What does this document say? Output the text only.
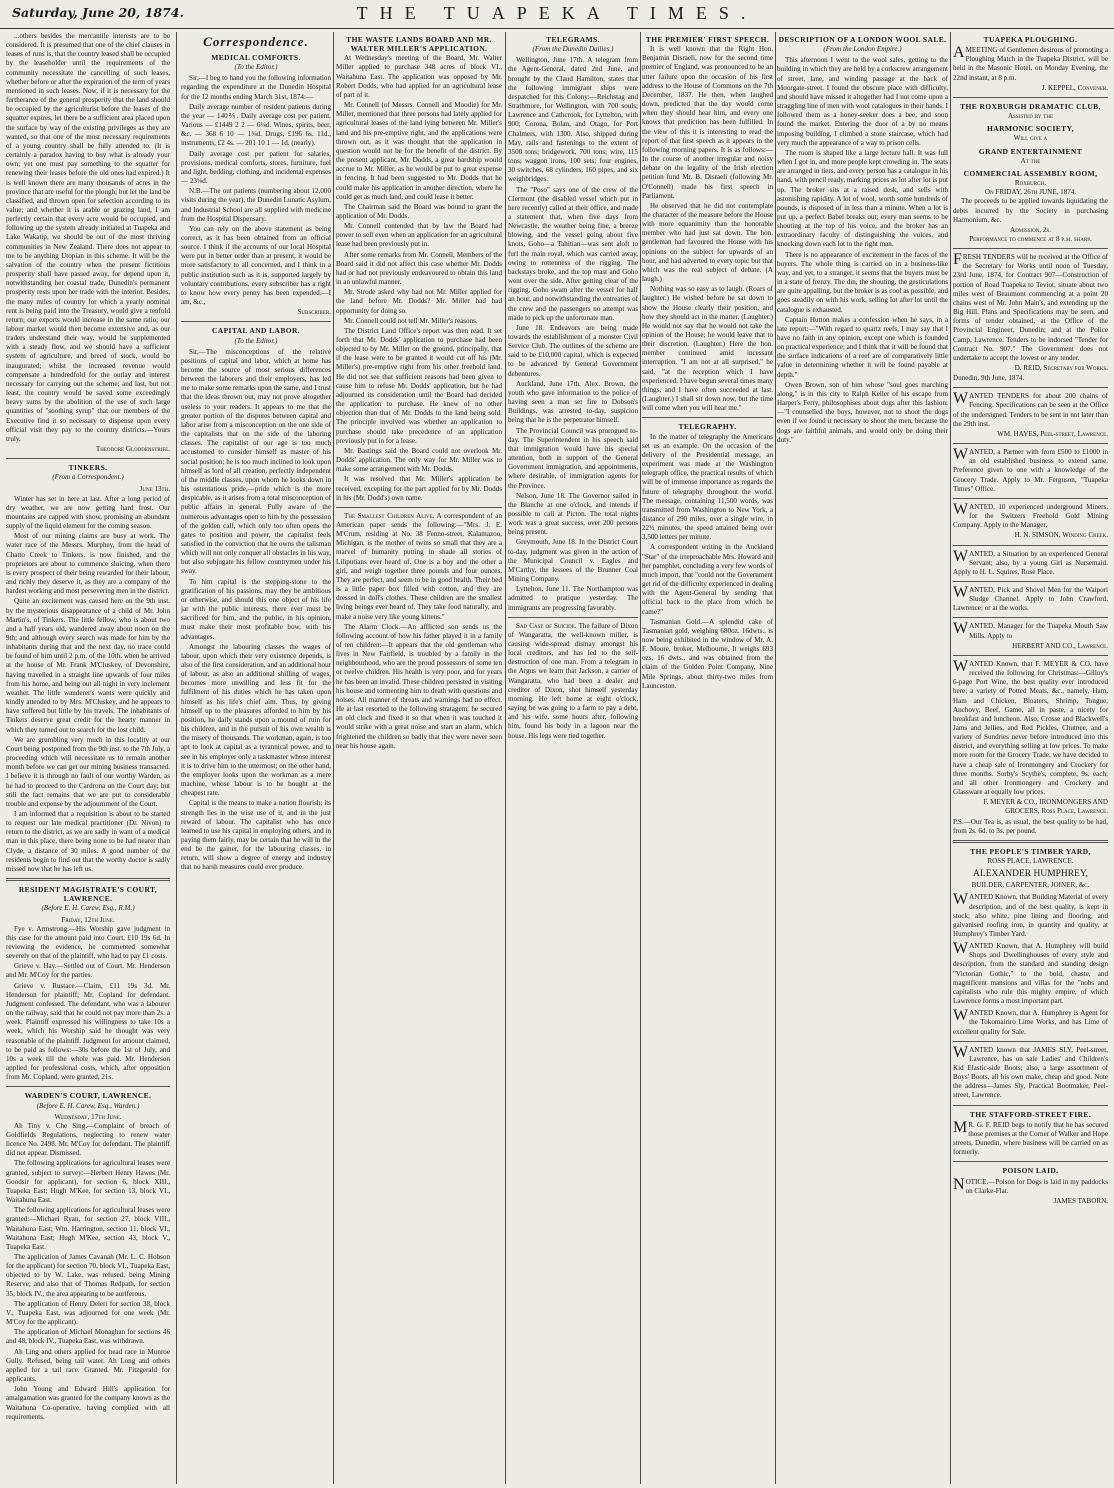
Saturday, June 20, 1874.	THE TUAPEKA TIMES.

...others besides the mercantile interests are to be considered. It is presumed that one of the chief clauses in leases of runs is, that the country leased shall be occupied by the leaseholder until the requirements of the community necessitate the cancelling of such leases, whether before or after the expiration of the term of years mentioned in such leases. Now, if it is necessary for the furtherance of the general prosperity that the land should be occupied by the agriculturist before the leases of the squatter expires, let there be a sufficient area placed upon the surface by way of the existing privileges as they are wanted, so that one of the most necessary requirements of a young country shall be fully attended to. (It is certainly a paradox having to buy what is already your own; yet one must pay something to the squatter for renewing their leases before the old ones had expired.) It is well known there are many thousands of acres in the province that are useful for the plough; but let the land be classified, and thrown open for selection according to its value; and whether it is arable or grazing land, I am perfectly certain that every acre would be occupied, and following up the system already initiated at Tuapeka and Lake Wakatip, we should be out of the most thriving communities in New Zealand. There does not appear to me to be anything Utopian in this scheme. It will be the salvation of the country when the present fictitious prosperity shall have passed away, for depend upon it, notwithstanding her coastal trade, Dunedin's permanent prosperity rests upon her trade with the interior. Besides, the many miles of country for which a yearly nominal rent is being paid into the Treasury, would give a tenfold return; our exports would increase in the same ratio; our labour market would then become extensive and, as our traders understand their way, would be supplemented with a steady flow, and we should have a sufficient system of agriculture, and breed of stock, would be inaugurated; whilst the increased revenue would compensate a hundredfold for the outlay and interest necessary for carrying out the scheme; and last, but not least, the country would be saved some exceedingly heavy sums by the abolition of the use of such large quantities of "soothing syrup" that our members of the Executive find it so necessary to dispense upon every official visit they pay to the country districts.—Yours truly,

Theodore Gloddenstrife.

TINKERS.
(From a Correspondent.)

June 13th.

Winter has set in here at last. After a long period of dry weather, we are now getting hard frost. Our mountains are capped with snow, promising an abundant supply of the liquid element for the coming season.

Most of our mining claims are busy at work. The water race of the Messrs. Murphey, from the head of Chatto Creek to Tinkers, is now finished, and the proprietors are about to commence sluicing, when there is every prospect of their being rewarded for their labour, and richly they deserve it, as they are a company of the hardest working and most persevering men in the district.

Quite an excitement was caused here on the 9th inst. by the mysterious disappearance of a child of Mr. John Martin's, of Tinkers. The little fellow, who is about two and a half years old, wandered away about noon on the 9th; and although every search was made for him by the inhabitants during that and the next day, no trace could be found of him until 2 p.m. of the 10th, when he arrived at the house of Mr. Frank M'Cluskey, of Devonshire, having travelled in a straight line upwards of four miles from his home, and being out all night in very inclement weather. The little wanderer's wants were quickly and kindly attended to by Mrs. M'Cluskey, and he appears to have suffered but little by his travels. The inhabitants of Tinkers deserve great credit for the hearty manner in which they turned out to search for the lost child.

We are grumbling very much in this locality at our Court being postponed from the 9th inst. to the 7th July, a proceeding which will necessitate us to remain another month before we can get our mining business transacted. I believe it is through no fault of our worthy Warden, as he had to proceed to the Cardrona on the Court day; but still the fact remains that we are put to considerable trouble and expense by the adjournment of the Court.

I am informed that a requisition is about to be started to request our late medical practitioner (Dr. Nivon) to return to the district, as we are sadly in want of a medical man in this place, there being none to be had nearer than Clyde, a distance of 30 miles. A good number of the residents begin to find out that the worthy doctor is sadly missed now that he has left us.

RESIDENT MAGISTRATE'S COURT, LAWRENCE.
(Before E. H. Carew, Esq., R.M.)
Friday, 12th June.

Fye v. Armstrong.—His Worship gave judgment in this case for the amount paid into Court, £10 19s 6d. In reviewing the evidence, he commented somewhat severely on that of the plaintiff, who had to pay £1 costs.

Grieve v. Hay.—Settled out of Court. Mr. Henderson and Mr. M'Coy for the parties.

Grieve v. Rustace.—Claim, £11 19s 3d. Mr. Henderson for plaintiff; Mr. Copland for defendant. Judgment confessed. The defendant, who was a labourer on the railway, said that he could not pay more than 2s. a week. Plaintiff expressed his willingness to take 10s a week, which his Worship said he thought was very reasonable of the plaintiff. Judgment for amount claimed, to be paid as follows:—30s before the 1st of July, and 10s a week till the whole was paid. Mr. Henderson applied for professional costs, which, after opposition from Mr. Copland, were granted, 21s.

WARDEN'S COURT, LAWRENCE.
(Before E. H. Carew, Esq., Warden.)
Wednesday, 17th June.

Ah Tiny v. Che Sing.—Complaint of breach of Goldfields Regulations, neglecting to renew water licence No. 2498. Mr. M'Coy for defendant. The plaintiff did not appear. Dismissed.

The following applications for agricultural leases were granted, subject to survey:—Herbert Henry Hawes (Mr. Goodsir for applicant), for section 6, block XIII., Tuapeka East; Hugh M'Kee, for section 13, block VI., Waitahuna East.

The following applications for agricultural leases were granted:—Michael Ryan, for section 27, block VIII., Waitahuna East; Wm. Harrington, section 11, block VI., Waitahuna East; Hugh M'Kee, section 43, block V., Tuapeka East.

The application of James Cavanah (Mr. L. C. Hobson for the applicant) for section 70, block VI., Tuapeka East, objected to by W. Lake, was refused, being Mining Reserve; and also that of Thomas Redpath, for section 35, block IV., the area appearing to be auriferous.

The application of Henry Deleri for section 38, block V., Tuapeka East, was adjourned for one week (Mr. M'Coy for the applicant).

The application of Michael Monaghan for sections 46 and 48, block IV., Tuapeka East, was withdrawn.

Ah Ling and others applied for head race in Munroe Gully. Refused, being tail water. Ah Long and others applied for a tail race. Granted. Mr. Fitzgerald for applicants.

John Young and Edward Hill's application for amalgamation was granted for the company known as the Waitahuna Co-operative, having complied with all requirements.

Correspondence.
MEDICAL COMFORTS.
(To the Editor.)

Sir,—I beg to hand you the following information regarding the expenditure at the Dunedin Hospital for the 12 months ending March 31st, 1874:—

Daily average number of resident patients during the year — 140⅖. Daily average cost per patient. Various — £1449 2 2 — 6⅛d. Wines, spirits, beer, &c. — 368 6 10 — 1⅜d. Drugs, £196 6s. 11d., instruments, £2 4s. — 201 10 1 — 1d. (nearly).

Daily average cost per patient for salaries, provisions, medical comforts, stores, furniture, fuel and light, bedding, clothing, and incidental expenses — 23⅛d.

N.B.—The out patients (numbering about 12,000 visits during the year), the Dunedin Lunatic Asylum, and Industrial School are all supplied with medicine from the Hospital Dispensary.

You can rely on the above statement as being correct, as it has been obtained from an official source. I think if the accounts of our local Hospital were put in better order than at present, it would be more satisfactory to all concerned, and I think in a public institution such as it is, supported largely by voluntary contributions, every subscriber has a right to know how every penny has been expended.—I am, &c.,

Subscriber.

CAPITAL AND LABOR.
(To the Editor.)

Sir,—The misconceptions of the relative positions of capital and labor, which at home has become the source of most serious differences between the laborers and their employers, has led me to make some remarks upon the same, and I trust that the ideas thrown out, may not prove altogether useless to your readers. It appears to me that the greater portion of the disputes between capital and labor arise from a misconception on the one side of the capitalists that on the side of the laboring classes. The capitalist of our age is too much accustomed to consider himself as master of his social position; he is too much inclined to look upon himself as lord of all creation, perfectly independent of the middle classes, upon whom he looks down in his ostentatious pride,—pride which is the more despicable, as it arises from a total misconception of public affairs in general. Fully aware of the numerous advantages open to him by the possession of the golden calf, which only too often opens the gates to position and power, the capitalist feels satisfied in the conviction that he owns the talisman which will not only conquer all obstacles in his way, but also subjugate his fellow countrymen under his sway.

To him capital is the stepping-stone to the gratification of his passions, may they be ambitious or otherwise, and should this one object of his life jar with the public interests, there ever must be sacrificed for him, and the public, in his opinion, must make their most profitable bow, with his advantages.

Amongst the labouring classes the wages of labour, upon which their very existence depends, is also of the first consideration, and an additional hour of labour, as also an additional shilling of wages, becomes more unwilling and less fit for the fulfilment of his duties which he has taken upon himself as his life's chief aim. Thus, by giving himself up to the pleasures afforded to him by his position, he daily stands upon a mound of ruin for his children, and in the pursuit of his own wealth is the misery of thousands. The workman, again, is too apt to look at capital as a tyrannical power, and to see in his employer only a taskmaster whose interest it is to drive him to the uttermost; on the other hand, the employer looks upon the workman as a mere machine, whose labour is to be bought at the cheapest rate.

Capital is the means to make a nation flourish; its strength lies in the wise use of it, and in the just reward of labour. The capitalist who has once learned to use his capital in employing others, and in paying them fairly, may be certain that he will in the end be the gainer, for the labouring classes, in return, will show a degree of energy and industry that no harsh measures could ever produce.

THE WASTE LANDS BOARD AND MR. WALTER MILLER'S APPLICATION.

At Wednesday's meeting of the Board, Mr. Walter Miller applied to purchase 348 acres of block VI., Waitahuna East. The application was opposed by Mr. Robert Dodds, who had applied for an agricultural lease of part of it.

Mr. Connell (of Messrs. Connell and Moodie) for Mr. Miller, mentioned that three persons had lately applied for agricultural leases of the land lying between Mr. Miller's land and his pre-emptive right, and the applications were thrown out, as it was thought that the application in question would not be for the benefit of the district. By the present applicant, Mr. Dodds, a great hardship would accrue to Mr. Miller, as he would be put to great expense in fencing. It had been suggested to Mr. Dodds that he could make his application in another direction, where he could get as much land, and could lease it better.

The Chairman said the Board was bound to grant the application of Mr. Dodds.

Mr. Connell contended that by law the Board had power to sell even when an application for an agricultural lease had been previously put in.

After some remarks from Mr. Connell, Members of the Board said it did not affect this case whether Mr. Dodds had or had not previously endeavoured to obtain this land in an unlawful manner.

Mr. Strode asked why had not Mr. Miller applied for the land before Mr. Dodds? Mr. Miller had had opportunity for doing so.

Mr. Connell could not tell Mr. Miller's reasons.

The District Land Office's report was then read. It set forth that Mr. Dodds' application to purchase had been objected to by Mr. Miller on the ground, principally, that if the lease were to be granted it would cut off his (Mr. Miller's) pre-emptive right from his other freehold land. He did not see that sufficient reasons had been given to cause him to refuse Mr. Dodds' application, but he had adjourned its consideration until the Board had decided the application to purchase. He knew of no other objection than that of Mr. Dodds to the land being sold. The principle involved was whether an application to purchase should take precedence of an application previously put in for a lease.

Mr. Bastings said the Board could not overlook Mr. Dodds' application. The only way for Mr. Miller was to make some arrangement with Mr. Dodds.

It was resolved that Mr. Miller's application be received, excepting for the part applied for by Mr. Dodds in his (Mr. Dodd's) own name.

The Smallest Children Alive. A correspondent of an American paper sends the following:—"Mrs. J. E. M'Crum, residing at No. 38 Fenno-street, Kalamazoo, Michigan, is the mother of twins so small that they are a marvel of humanity putting in shade all stories of Liliputians ever heard of. One is a boy and the other a girl, and weigh together three pounds and four ounces. They are perfect, and seem to be in good health. Their bed is a little paper box filled with cotton, and they are dressed in doll's clothes. These children are the smallest living beings ever heard of. They take food naturally, and make a noise very like young kittens."

The Alarm Clock.—An afflicted son sends us the following account of how his father played it in a family of ten children:—It appears that the old gentleman who lives in New Fairfield, is troubled by a family in the neighbourhood, who are the proud possessors of some ten or twelve children. His health is very poor, and for years he has been an invalid. These children persisted in visiting his house and tormenting him to death with questions and noises. All manner of threats and warnings had no effect. He at last resorted to the following stratagem: he secured an old clock and fixed it so that when it was touched it would strike with a great noise and start an alarm, which frightened the children so badly that they were never seen near his house again.

TELEGRAMS.
(From the Dunedin Dailies.)

Wellington, June 17th. A telegram from the Agent-General, dated 2nd June, and brought by the Claud Hamilton, states that the following immigrant ships were despatched for this Colony:—Reichstag and Strathmore, for Wellington, with 700 souls; Lawrence and Cathcrook, for Lyttelton, with 900; Corona, Bolan, and Otago, for Port Chalmers, with 1300. Also, shipped during May, rails and fastenings to the extent of 3500 tons; bridgework, 700 tons; wire, 115 tons; waggon irons, 100 sets; four engines, 30 switches, 68 cylinders, 160 pipes, and six weighbridges.

The "Poso" says one of the crew of the Clermont (the disabled vessel which put in here recently) called at their office, and made a statement that, when five days from Newcastle, the weather being fine, a breeze blowing, and the vessel going about five knots, Goho—a Tahitian—was sent aloft to furl the main royal, which was carried away, owing to rottenness of the rigging. The backstays broke, and the top mast and Goho went over the side. After getting clear of the rigging, Goho swam after the vessel for half an hour, and notwithstanding the entreaties of the crew and the passengers no attempt was made to pick up the unfortunate man.

June 18. Endeavors are being made towards the establishment of a monster Civil Service Club. The outlines of the scheme are said to be £10,000 capital, which is expected to be advanced by General Government debentures.

Auckland, June 17th. Alex. Brown, the youth who gave information to the police of having seen a man set fire to Dobson's Buildings, was arrested to-day, suspicion being that he is the perpetrator himself.

The Provincial Council was prorogued to-day. The Superintendent in his speech said that immigration would have his special attention, both in support of the General Government immigration, and appointments, where desirable, of immigration agents for the Province.

Nelson, June 18. The Governor sailed in the Blanche at one o'clock, and intends if possible to call at Picton. The total nights work was a great success, over 200 persons being present.

Greymouth, June 18. In the District Court to-day, judgment was given in the action of the Municipal Council v. Eagles and M'Carthy, the lessees of the Brunner Coal Mining Company.

Lyttelton, June 11. The Northampton was admitted to pratique yesterday. The immigrants are progressing favorably.

Sad Case of Suicide. The failure of Dixon of Wangaratta, the well-known miller, is causing wide-spread dismay amongst his local creditors, and has led to the self-destruction of one man. From a telegram in the Argus we learn that Jackson, a carrier of Wangaratta, who had been a dealer and creditor of Dixon, shot himself yesterday morning. He left home at eight o'clock, saying he was going to a farm to pay a debt, and his wife, some hours after, following him, found his body in a lagoon near the house. His legs were tied together.

THE PREMIER' FIRST SPEECH.

It is well known that the Right Hon. Benjamin Disraeli, now for the second time premier of England, was pronounced to be an utter failure upon the occasion of his first address to the House of Commons on the 7th December, 1837. He then, when laughed down, predicted that the day would come when they should hear him, and every one knows that prediction has been fulfilled. In the view of this it is interesting to read the report of that first speech as it appears in the following morning papers. It is as follows:—In the course of another irregular and noisy debate on the legality of the Irish election petition fund Mr. B. Disraeli (following Mr. O'Connell) made his first speech in Parliament.

He observed that he did not contemplate the character of the measure before the House with more equanimity than the honorable member who had just sat down. The hon. gentleman had favoured the House with his opinions on the subject for upwards of an hour, and had adverted to every topic but that which was the real subject of debate. (A laugh.)

Nothing was so easy as to laugh. (Roars of laughter.) He wished before he sat down to show the House clearly their position, and how they should act in the matter. (Laughter.) He would not say that he would not take the opinion of the House; he would leave that to their discretion. (Laughter.) Here the hon. member continued amid incessant interruption. "I am not at all surprised," he said, "at the reception which I have experienced. I have begun several times many things, and I have often succeeded at last. (Laughter.) I shall sit down now, but the time will come when you will hear me."

TELEGRAPHY.

In the matter of telegraphy the Americans set us an example. On the occasion of the delivery of the Presidential message, an experiment was made at the Washington telegraph office, the practical results of which will be of immense importance as regards the future of telegraphy throughout the world. The message, containing 11,500 words, was transmitted from Washington to New York, a distance of 290 miles, over a single wire, in 22½ minutes, the speed attained being over 3,500 letters per minute.

A correspondent writing in the Auckland "Star" of the irreproachable Mrs. Howard and her pamphlet, concluding a very few words of much import, that "could not the Government get rid of the difficulty experienced in dealing with the Agent-General by sending that official back to the place from which he came?"

Tasmanian Gold.—A splendid cake of Tasmanian gold, weighing 680oz. 16dwts., is now being exhibited in the window of Mr. A. F. Moore, broker, Melbourne. It weighs 693 ozs. 16 dwts., and was obtained from the claim of the Golden Point Company, Nine Mile Springs, about thirty-two miles from Launceston.

DESCRIPTION OF A LONDON WOOL SALE.
(From the London Empire.)

This afternoon I went to the wool sales, getting to the building in which they are held by a corkscrew arrangement of street, lane, and winding passage at the back of Moorgate-street. I found the obscure place with difficulty, and should have missed it altogether had I not come upon a straggling line of men with wool catalogues in their hands. I followed them as a honey-seeker does a bee, and soon found the market. Entering the door of a by no means imposing building, I climbed a stone staircase, which had very much the appearance of a way to prison cells.

The room is shaped like a large lecture hall. It was full when I got in, and more people kept crowding in. The seats are arranged in tiers, and every person has a catalogue in his hand, with pencil ready, marking prices as lot after lot is put up. The broker sits at a raised desk, and sells with astonishing rapidity. A lot of wool, worth some hundreds of pounds, is disposed of in less than a minute. When a lot is put up, a perfect Babel breaks out; every man seems to be shouting at the top of his voice, and the broker has an extraordinary faculty of distinguishing the voices, and knocking down each lot to the right man.

There is no appearance of excitement in the faces of the buyers. The whole thing is carried on in a business-like way, and yet, to a stranger, it seems that the buyers must be in a state of frenzy. The din, the shouting, the gesticulations are quite appalling, but the broker is as cool as possible, and goes steadily on with his work, selling lot after lot until the catalogue is exhausted.

Captain Hutton makes a confession when he says, in a late report:—"With regard to quartz reefs, I may say that I have no faith in any opinion, except one which is founded on practical experience; and I think that it will be found that the surface indications of a reef are of comparatively little value in determining whether it will be found payable at depth."

Owen Brown, son of him whose "soul goes marching along," is in this city to Ralph Keller of his escape from Harper's Ferry, philosophises about dogs after this fashion:—"I counselled the boys, however, not to shoot the dogs even if we found it necessary to shoot the men, because the dogs are faithful animals, and would only be doing their duty."

TUAPEKA PLOUGHING.

AMEETING of Gentlemen desirous of promoting a Ploughing Match in the Tuapeka District, will be held in the Masonic Hotel, on Monday Evening, the 22nd instant, at 8 p.m.

J. KEPPEL, Convener.

THE ROXBURGH DRAMATIC CLUB,
Assisted by the
HARMONIC SOCIETY,
Will give a
GRAND ENTERTAINMENT
At the
COMMERCIAL ASSEMBLY ROOM,
Roxburgh,
On FRIDAY, 26th JUNE, 1874.

The proceeds to be applied towards liquidating the debts incurred by the Society in purchasing Harmonium, &c.

Admission, 2s.

Performance to commence at 8 p.m. sharp.

FRESH TENDERS will be received at the Office of the Secretary for Works until noon of Tuesday, 23rd June, 1874, for Contract 907—Construction of portion of Road Tuapeka to Teviot, situate about two miles west of Beaumont commencing at a point 20 chains west of Mr. John Main's, and extending up the Big Hill. Plans and Specifications may be seen, and forms of tender obtained, at the Office of the Provincial Engineer, Dunedin; and at the Police Camp, Lawrence. Tenders to be indorsed "Tender for Contract No. 907." The Government does not undertake to accept the lowest or any tender.

D. REID, Secretary for Works.

Dunedin, 9th June, 1874.

WANTED TENDERS for about 200 chains of Fencing. Specifications can be seen at the Office of the undersigned. Tenders to be sent in not later than the 29th inst.

WM. HAYES, Peel-street, Lawrence.

WANTED, a Partner with from £500 to £1000 in an old established business to extend same. Preference given to one with a knowledge of the Grocery Trade. Apply to Mr. Ferguson, "Tuapeka Times" Office.

WANTED, 10 experienced underground Miners, for the Switzers Freehold Gold Mining Company. Apply to the Manager,

H. N. SIMSON, Winding Creek.

WANTED, a Situation by an experienced General Servant; also, by a young Girl as Nursemaid. Apply to H. L. Squires, Rose Place.

WANTED, Pick and Shovel Men for the Waipori Sludge Channel. Apply to John Crawford, Lawrence; or at the works.

WANTED, Manager for the Tuapeka Mouth Saw Mills. Apply to

HERBERT AND CO., Lawrence.

WANTED Known, that F. MEYER & CO. have received the following for Christmas:—Gilloy's 6-page Port Wine, the best quality ever introduced here; a variety of Potted Meats, &c., namely, Ham, Ham and Chicken, Bloaters, Shrimp, Tongue, Anchovy, Beef, Game, all in paste, a nicety for breakfast and luncheon. Also, Crosse and Blackwell's Jams and Jellies, and Red Pickles, Chutnee, and a variety of Sundries never before introduced into this district, and everything selling at low prices. To make more room for the Grocery Trade, we have decided to have a cheap sale of Ironmongery and Crockery for three months. Sorby's Scythe's, complete, 9s. each; and all other Ironmongery and Crockery and Glassware at equally low prices.

F. MEYER & CO., IRONMONGERS AND GROCERS, Ross Place, Lawrence.

P.S.—Our Tea is, as usual, the best quality to be had, from 2s. 6d. to 3s. per pound.

THE PEOPLE'S TIMBER YARD,
ROSS PLACE, LAWRENCE.

ALEXANDER HUMPHREY,

BUILDER, CARPENTER, JOINER, &c.

WANTED Known, that Building Material of every description, and of the best quality, is kept in stock; also white, pine lining and flooring, and galvanised roofing iron, in quantity and quality, at Humphrey's Timber Yard.

WANTED Known, that A. Humphrey will build Shops and Dwellinghouses of every style and description, from the standard and standing design "Victorian Gothic," to the bold, chaste, and magnificent mansions and villas for the "nobs and capitalists who rule this mighty empire, of which Lawrence forms a most important part.

WANTED Known, that A. Humphrey is Agent for the Tokomairiro Lime Works, and has Lime of excellent quality for Sale.

WANTED known that JAMES SLY, Peel-street, Lawrence, has on sale Ladies' and Children's Kid Elastic-side Boots; also, a large assortment of Boys' Boots, all his own make, cheap and good. Note the address—James Sly, Practical Bootmaker, Peel-street, Lawrence.

THE STAFFORD-STREET FIRE.

MR. G. F. REID begs to notify that he has secured those premises at the Corner of Walker and Hope streets, Dunedin, where business will be carried on as formerly.

POISON LAID.

NOTICE.—Poison for Dogs is laid in my paddocks on Clarke-Flat.

JAMES TABORN.
